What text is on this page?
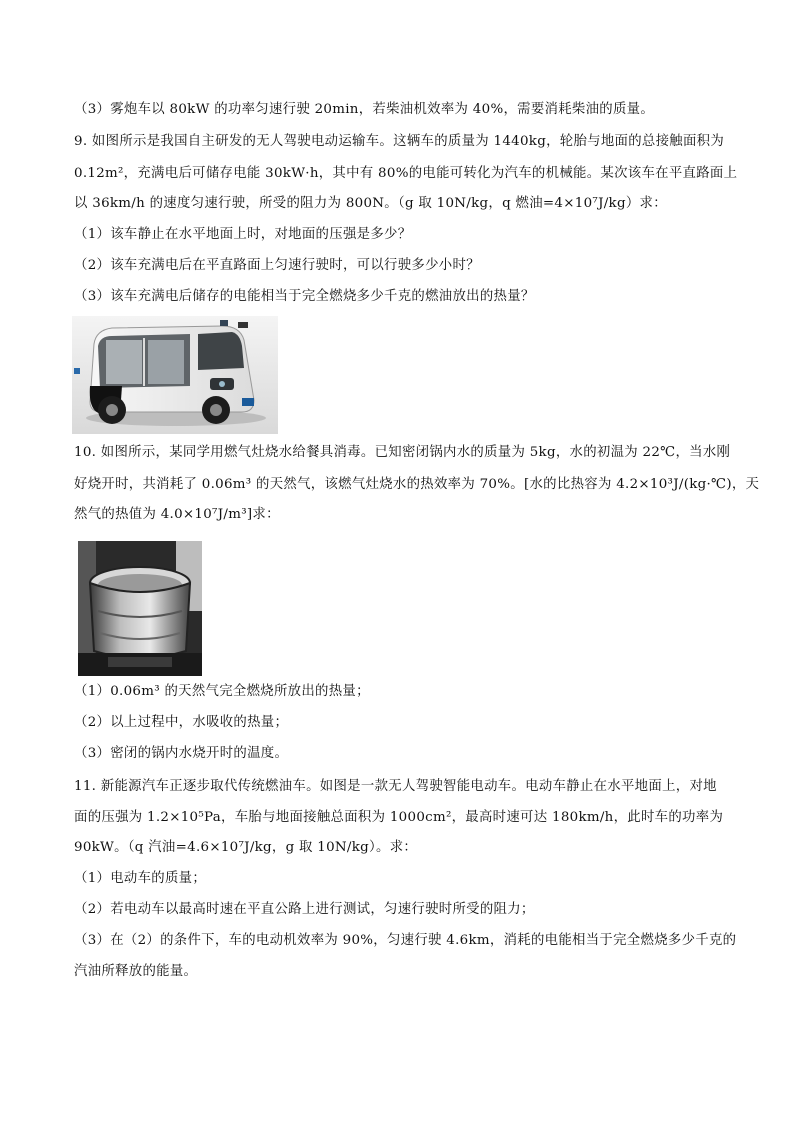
（3）雾炮车以 80kW 的功率匀速行驶 20min，若柴油机效率为 40%，需要消耗柴油的质量。
9. 如图所示是我国自主研发的无人驾驶电动运输车。这辆车的质量为 1440kg，轮胎与地面的总接触面积为
0.12m²，充满电后可储存电能 30kW·h，其中有 80%的电能可转化为汽车的机械能。某次该车在平直路面上
以 36km/h 的速度匀速行驶，所受的阻力为 800N。（g 取 10N/kg，q 燃油=4×10⁷J/kg）求：
（1）该车静止在水平地面上时，对地面的压强是多少？
（2）该车充满电后在平直路面上匀速行驶时，可以行驶多少小时？
（3）该车充满电后储存的电能相当于完全燃烧多少千克的燃油放出的热量？
10. 如图所示，某同学用燃气灶烧水给餐具消毒。已知密闭锅内水的质量为 5kg，水的初温为 22℃，当水刚
好烧开时，共消耗了 0.06m³ 的天然气，该燃气灶烧水的热效率为 70%。[水的比热容为 4.2×10³J/(kg·℃)，天
然气的热值为 4.0×10⁷J/m³]求：
（1）0.06m³ 的天然气完全燃烧所放出的热量；
（2）以上过程中，水吸收的热量；
（3）密闭的锅内水烧开时的温度。
11. 新能源汽车正逐步取代传统燃油车。如图是一款无人驾驶智能电动车。电动车静止在水平地面上，对地
面的压强为 1.2×10⁵Pa，车胎与地面接触总面积为 1000cm²，最高时速可达 180km/h，此时车的功率为
90kW。（q 汽油=4.6×10⁷J/kg，g 取 10N/kg）。求：
（1）电动车的质量；
（2）若电动车以最高时速在平直公路上进行测试，匀速行驶时所受的阻力；
（3）在（2）的条件下，车的电动机效率为 90%，匀速行驶 4.6km，消耗的电能相当于完全燃烧多少千克的
汽油所释放的能量。
